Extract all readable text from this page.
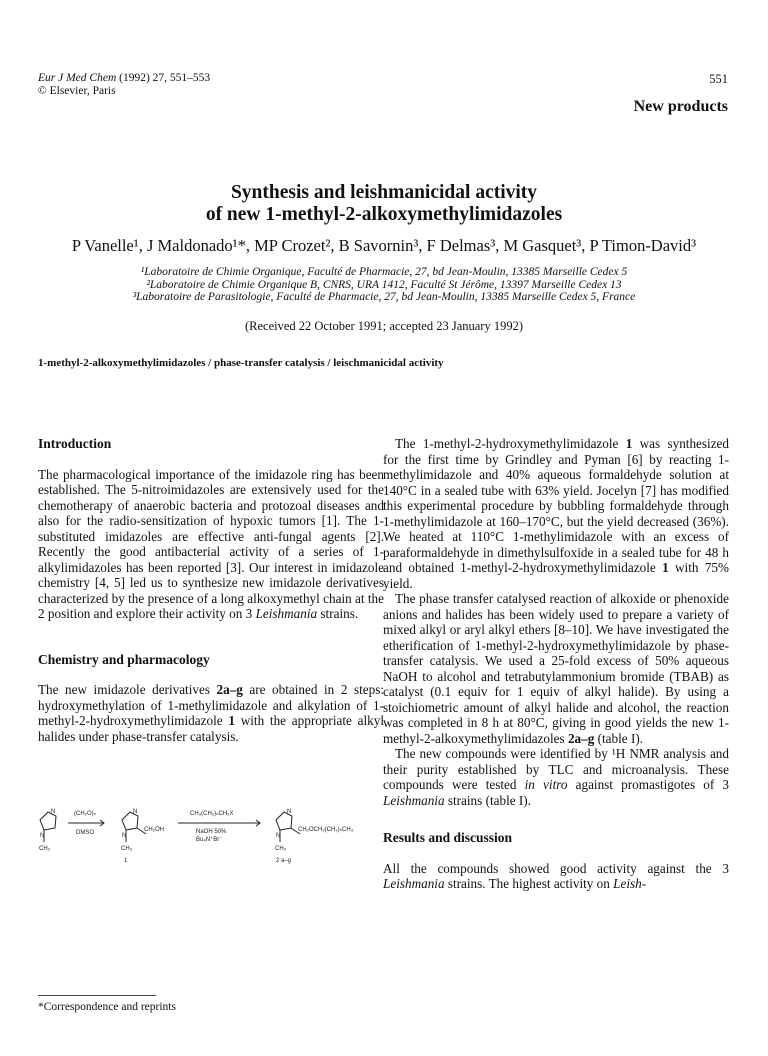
Eur J Med Chem (1992) 27, 551–553
© Elsevier, Paris
551
New products
Synthesis and leishmanicidal activity
of new 1-methyl-2-alkoxymethylimidazoles
P Vanelle¹, J Maldonado¹*, MP Crozet², B Savornin³, F Delmas³, M Gasquet³, P Timon-David³
¹Laboratoire de Chimie Organique, Faculté de Pharmacie, 27, bd Jean-Moulin, 13385 Marseille Cedex 5
²Laboratoire de Chimie Organique B, CNRS, URA 1412, Faculté St Jérôme, 13397 Marseille Cedex 13
³Laboratoire de Parasitologie, Faculté de Pharmacie, 27, bd Jean-Moulin, 13385 Marseille Cedex 5, France
(Received 22 October 1991; accepted 23 January 1992)
1-methyl-2-alkoxymethylimidazoles / phase-transfer catalysis / leischmanicidal activity

Introduction

The pharmacological importance of the imidazole ring has been established. The 5-nitroimidazoles are extensively used for the chemotherapy of anaerobic bacteria and protozoal diseases and also for the radio-sensitization of hypoxic tumors [1]. The 1-substituted imidazoles are effective anti-fungal agents [2]. Recently the good antibacterial activity of a series of 1-alkylimidazoles has been reported [3]. Our interest in imidazole chemistry [4, 5] led us to synthesize new imidazole derivatives characterized by the presence of a long alkoxymethyl chain at the 2 position and explore their activity on 3 Leishmania strains.

Chemistry and pharmacology

The new imidazole derivatives 2a–g are obtained in 2 steps: hydroxymethylation of 1-methylimidazole and alkylation of 1-methyl-2-hydroxymethylimidazole 1 with the appropriate alkyl halides under phase-transfer catalysis.

N
N
N
N
N
N
CH₃	CH₃	CH₃
(CH₂O)ₙ
DMSO	CH₂OH
CH₃(CH₂)ₙCH₂X
NaOH 50%
Bu₄N⁺Br⁻
CH₂OCH₂(CH₂)ₙCH₃
1	2 a–g
*Correspondence and reprints

The 1-methyl-2-hydroxymethylimidazole 1 was synthesized for the first time by Grindley and Pyman [6] by reacting 1-methylimidazole and 40% aqueous formaldehyde solution at 140°C in a sealed tube with 63% yield. Jocelyn [7] has modified this experimental procedure by bubbling formaldehyde through 1-methylimidazole at 160–170°C, but the yield decreased (36%). We heated at 110°C 1-methylimidazole with an excess of paraformaldehyde in dimethylsulfoxide in a sealed tube for 48 h and obtained 1-methyl-2-hydroxymethylimidazole 1 with 75% yield.

The phase transfer catalysed reaction of alkoxide or phenoxide anions and halides has been widely used to prepare a variety of mixed alkyl or aryl alkyl ethers [8–10]. We have investigated the etherification of 1-methyl-2-hydroxymethylimidazole by phase-transfer catalysis. We used a 25-fold excess of 50% aqueous NaOH to alcohol and tetrabutylammonium bromide (TBAB) as catalyst (0.1 equiv for 1 equiv of alkyl halide). By using a stoichiometric amount of alkyl halide and alcohol, the reaction was completed in 8 h at 80°C, giving in good yields the new 1-methyl-2-alkoxymethylimidazoles 2a–g (table I).

The new compounds were identified by ¹H NMR analysis and their purity established by TLC and microanalysis. These compounds were tested in vitro against promastigotes of 3 Leishmania strains (table I).

Results and discussion

All the compounds showed good activity against the 3 Leishmania strains. The highest activity on Leish-
